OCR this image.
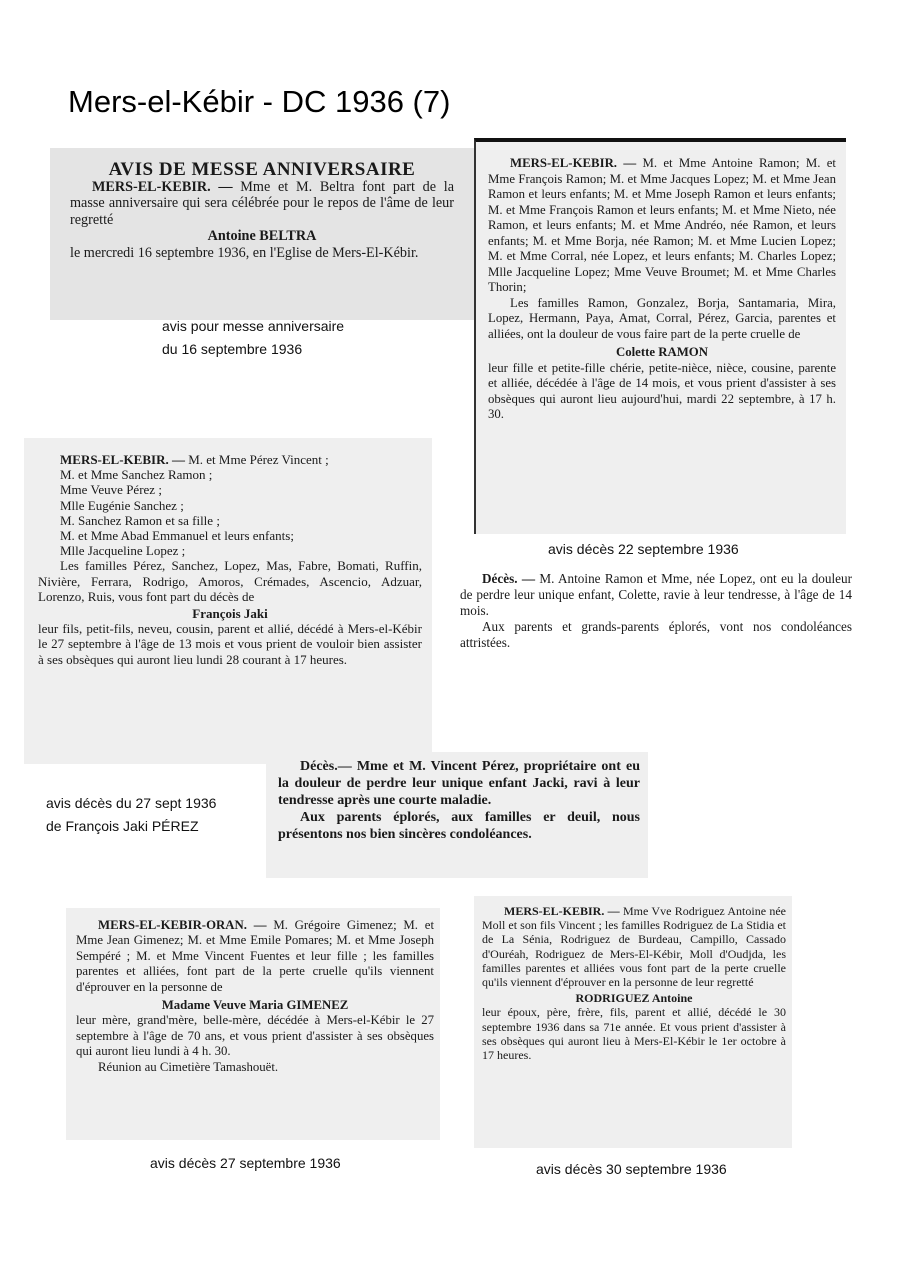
Mers-el-Kébir - DC 1936 (7)

AVIS DE MESSE ANNIVERSAIRE

MERS-EL-KEBIR. — Mme et M. Beltra font part de la masse anniversaire qui sera célébrée pour le repos de l'âme de leur regretté

Antoine BELTRA

le mercredi 16 septembre 1936, en l'Eglise de Mers-El-Kébir.

avis pour messe anniversaire
du 16 septembre 1936

MERS-EL-KEBIR. — M. et Mme Antoine Ramon; M. et Mme François Ramon; M. et Mme Jacques Lopez; M. et Mme Jean Ramon et leurs enfants; M. et Mme Joseph Ramon et leurs enfants; M. et Mme François Ramon et leurs enfants; M. et Mme Nieto, née Ramon, et leurs enfants; M. et Mme Andréo, née Ramon, et leurs enfants; M. et Mme Borja, née Ramon; M. et Mme Lucien Lopez; M. et Mme Corral, née Lopez, et leurs enfants; M. Charles Lopez; Mlle Jacqueline Lopez; Mme Veuve Broumet; M. et Mme Charles Thorin;

Les familles Ramon, Gonzalez, Borja, Santamaria, Mira, Lopez, Hermann, Paya, Amat, Corral, Pérez, Garcia, parentes et alliées, ont la douleur de vous faire part de la perte cruelle de

Colette RAMON

leur fille et petite-fille chérie, petite-nièce, nièce, cousine, parente et alliée, décédée à l'âge de 14 mois, et vous prient d'assister à ses obsèques qui auront lieu aujourd'hui, mardi 22 septembre, à 17 h. 30.

avis décès 22 septembre 1936

Décès. — M. Antoine Ramon et Mme, née Lopez, ont eu la douleur de perdre leur unique enfant, Colette, ravie à leur tendresse, à l'âge de 14 mois.

Aux parents et grands-parents éplorés, vont nos condoléances attristées.

MERS-EL-KEBIR. — M. et Mme Pérez Vincent ;

M. et Mme Sanchez Ramon ;

Mme Veuve Pérez ;

Mlle Eugénie Sanchez ;

M. Sanchez Ramon et sa fille ;

M. et Mme Abad Emmanuel et leurs enfants;

Mlle Jacqueline Lopez ;

Les familles Pérez, Sanchez, Lopez, Mas, Fabre, Bomati, Ruffin, Nivière, Ferrara, Rodrigo, Amoros, Crémades, Ascencio, Adzuar, Lorenzo, Ruis, vous font part du décès de

François Jaki

leur fils, petit-fils, neveu, cousin, parent et allié, décédé à Mers-el-Kébir le 27 septembre à l'âge de 13 mois et vous prient de vouloir bien assister à ses obsèques qui auront lieu lundi 28 courant à 17 heures.

Décès.— Mme et M. Vincent Pérez, propriétaire ont eu la douleur de perdre leur unique enfant Jacki, ravi à leur tendresse après une courte maladie.

Aux parents éplorés, aux familles er deuil, nous présentons nos bien sincères condoléances.

avis décès du 27 sept 1936
de François Jaki PÉREZ

MERS-EL-KEBIR-ORAN. — M. Grégoire Gimenez; M. et Mme Jean Gimenez; M. et Mme Emile Pomares; M. et Mme Joseph Sempéré ; M. et Mme Vincent Fuentes et leur fille ; les familles parentes et alliées, font part de la perte cruelle qu'ils viennent d'éprouver en la personne de

Madame Veuve Maria GIMENEZ

leur mère, grand'mère, belle-mère, décédée à Mers-el-Kébir le 27 septembre à l'âge de 70 ans, et vous prient d'assister à ses obsèques qui auront lieu lundi à 4 h. 30.

Réunion au Cimetière Tamashouët.

avis décès 27 septembre 1936

MERS-EL-KEBIR. — Mme Vve Rodriguez Antoine née Moll et son fils Vincent ; les familles Rodriguez de La Stidia et de La Sénia, Rodriguez de Burdeau, Campillo, Cassado d'Ouréah, Rodriguez de Mers-El-Kébir, Moll d'Oudjda, les familles parentes et alliées vous font part de la perte cruelle qu'ils viennent d'éprouver en la personne de leur regretté

RODRIGUEZ Antoine

leur époux, père, frère, fils, parent et allié, décédé le 30 septembre 1936 dans sa 71e année. Et vous prient d'assister à ses obsèques qui auront lieu à Mers-El-Kébir le 1er octobre à 17 heures.

avis décès 30 septembre 1936
